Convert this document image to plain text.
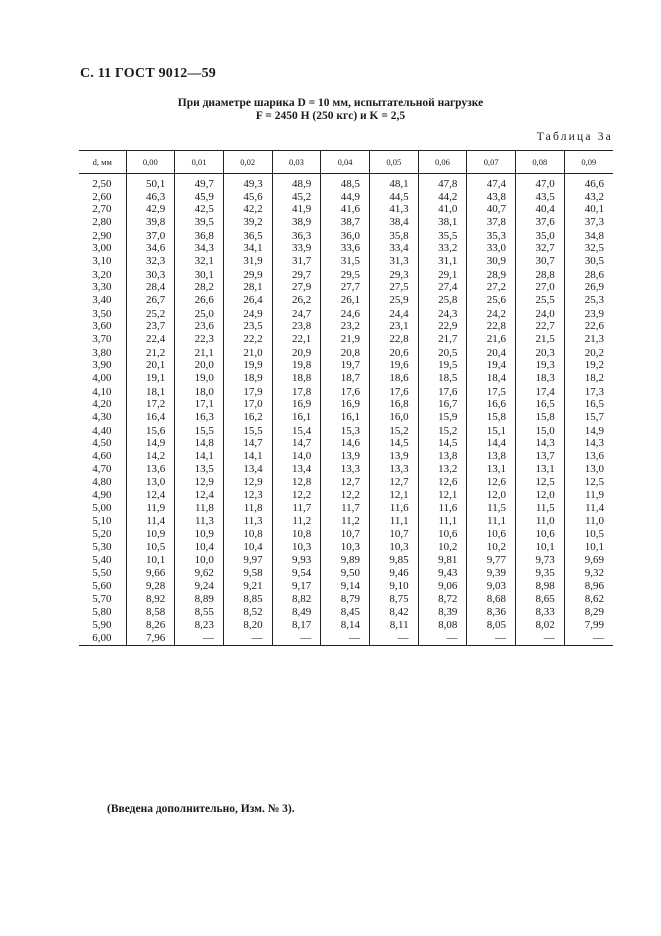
С. 11 ГОСТ 9012—59
При диаметре шарика D = 10 мм, испытательной нагрузке
F = 2450 Н (250 кгс) и K = 2,5
Таблица 3а
d, мм	0,00	0,01	0,02	0,03	0,04	0,05	0,06	0,07	0,08	0,09
2,50	50,1	49,7	49,3	48,9	48,5	48,1	47,8	47,4	47,0	46,6
2,60	46,3	45,9	45,6	45,2	44,9	44,5	44,2	43,8	43,5	43,2
2,70	42,9	42,5	42,2	41,9	41,6	41,3	41,0	40,7	40,4	40,1
2,80	39,8	39,5	39,2	38,9	38,7	38,4	38,1	37,8	37,6	37,3
2,90	37,0	36,8	36,5	36,3	36,0	35,8	35,5	35,3	35,0	34,8
3,00	34,6	34,3	34,1	33,9	33,6	33,4	33,2	33,0	32,7	32,5
3,10	32,3	32,1	31,9	31,7	31,5	31,3	31,1	30,9	30,7	30,5
3,20	30,3	30,1	29,9	29,7	29,5	29,3	29,1	28,9	28,8	28,6
3,30	28,4	28,2	28,1	27,9	27,7	27,5	27,4	27,2	27,0	26,9
3,40	26,7	26,6	26,4	26,2	26,1	25,9	25,8	25,6	25,5	25,3
3,50	25,2	25,0	24,9	24,7	24,6	24,4	24,3	24,2	24,0	23,9
3,60	23,7	23,6	23,5	23,8	23,2	23,1	22,9	22,8	22,7	22,6
3,70	22,4	22,3	22,2	22,1	21,9	22,8	21,7	21,6	21,5	21,3
3,80	21,2	21,1	21,0	20,9	20,8	20,6	20,5	20,4	20,3	20,2
3,90	20,1	20,0	19,9	19,8	19,7	19,6	19,5	19,4	19,3	19,2
4,00	19,1	19,0	18,9	18,8	18,7	18,6	18,5	18,4	18,3	18,2
4,10	18,1	18,0	17,9	17,8	17,6	17,6	17,6	17,5	17,4	17,3
4,20	17,2	17,1	17,0	16,9	16,9	16,8	16,7	16,6	16,5	16,5
4,30	16,4	16,3	16,2	16,1	16,1	16,0	15,9	15,8	15,8	15,7
4,40	15,6	15,5	15,5	15,4	15,3	15,2	15,2	15,1	15,0	14,9
4,50	14,9	14,8	14,7	14,7	14,6	14,5	14,5	14,4	14,3	14,3
4,60	14,2	14,1	14,1	14,0	13,9	13,9	13,8	13,8	13,7	13,6
4,70	13,6	13,5	13,4	13,4	13,3	13,3	13,2	13,1	13,1	13,0
4,80	13,0	12,9	12,9	12,8	12,7	12,7	12,6	12,6	12,5	12,5
4,90	12,4	12,4	12,3	12,2	12,2	12,1	12,1	12,0	12,0	11,9
5,00	11,9	11,8	11,8	11,7	11,7	11,6	11,6	11,5	11,5	11,4
5,10	11,4	11,3	11,3	11,2	11,2	11,1	11,1	11,1	11,0	11,0
5,20	10,9	10,9	10,8	10,8	10,7	10,7	10,6	10,6	10,6	10,5
5,30	10,5	10,4	10,4	10,3	10,3	10,3	10,2	10,2	10,1	10,1
5,40	10,1	10,0	9,97	9,93	9,89	9,85	9,81	9,77	9,73	9,69
5,50	9,66	9,62	9,58	9,54	9,50	9,46	9,43	9,39	9,35	9,32
5,60	9,28	9,24	9,21	9,17	9,14	9,10	9,06	9,03	8,98	8,96
5,70	8,92	8,89	8,85	8,82	8,79	8,75	8,72	8,68	8,65	8,62
5,80	8,58	8,55	8,52	8,49	8,45	8,42	8,39	8,36	8,33	8,29
5,90	8,26	8,23	8,20	8,17	8,14	8,11	8,08	8,05	8,02	7,99
6,00	7,96	—	—	—	—	—	—	—	—	—
(Введена дополнительно, Изм. № 3).
